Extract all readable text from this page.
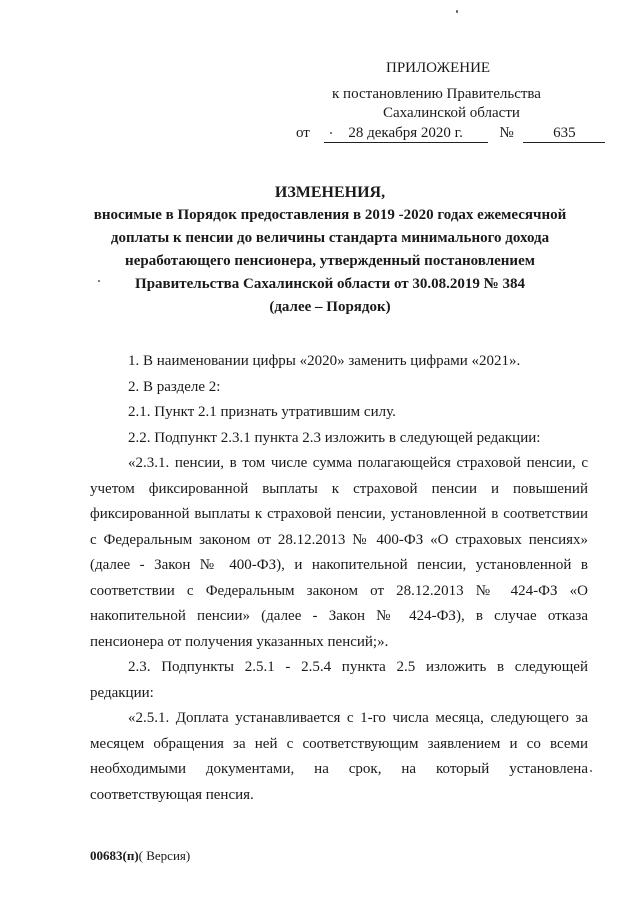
ПРИЛОЖЕНИЕ
к постановлению Правительства
Сахалинской области
от	28 декабря 2020 г. №	635
ИЗМЕНЕНИЯ,
вносимые в Порядок предоставления в 2019 -2020 годах ежемесячной
доплаты к пенсии до величины стандарта минимального дохода
неработающего пенсионера, утвержденный постановлением
Правительства Сахалинской области от 30.08.2019 № 384
(далее – Порядок)

1. В наименовании цифры «2020» заменить цифрами «2021».

2. В разделе 2:

2.1. Пункт 2.1 признать утратившим силу.

2.2. Подпункт 2.3.1 пункта 2.3 изложить в следующей редакции:

«2.3.1. пенсии, в том числе сумма полагающейся страховой пенсии, с

учетом фиксированной выплаты к страховой пенсии и повышений

фиксированной выплаты к страховой пенсии, установленной в соответствии

с Федеральным законом от 28.12.2013 № 400-ФЗ «О страховых пенсиях»

(далее - Закон № 400-ФЗ), и накопительной пенсии, установленной в

соответствии с Федеральным законом от 28.12.2013 № 424-ФЗ «О

накопительной пенсии» (далее - Закон № 424-ФЗ), в случае отказа

пенсионера от получения указанных пенсий;».

2.3. Подпункты 2.5.1 - 2.5.4 пункта 2.5 изложить в следующей

редакции:

«2.5.1. Доплата устанавливается с 1-го числа месяца, следующего за

месяцем обращения за ней с соответствующим заявлением и со всеми

необходимыми документами, на срок, на который установлена

соответствующая пенсия.

00683(п)( Версия)
